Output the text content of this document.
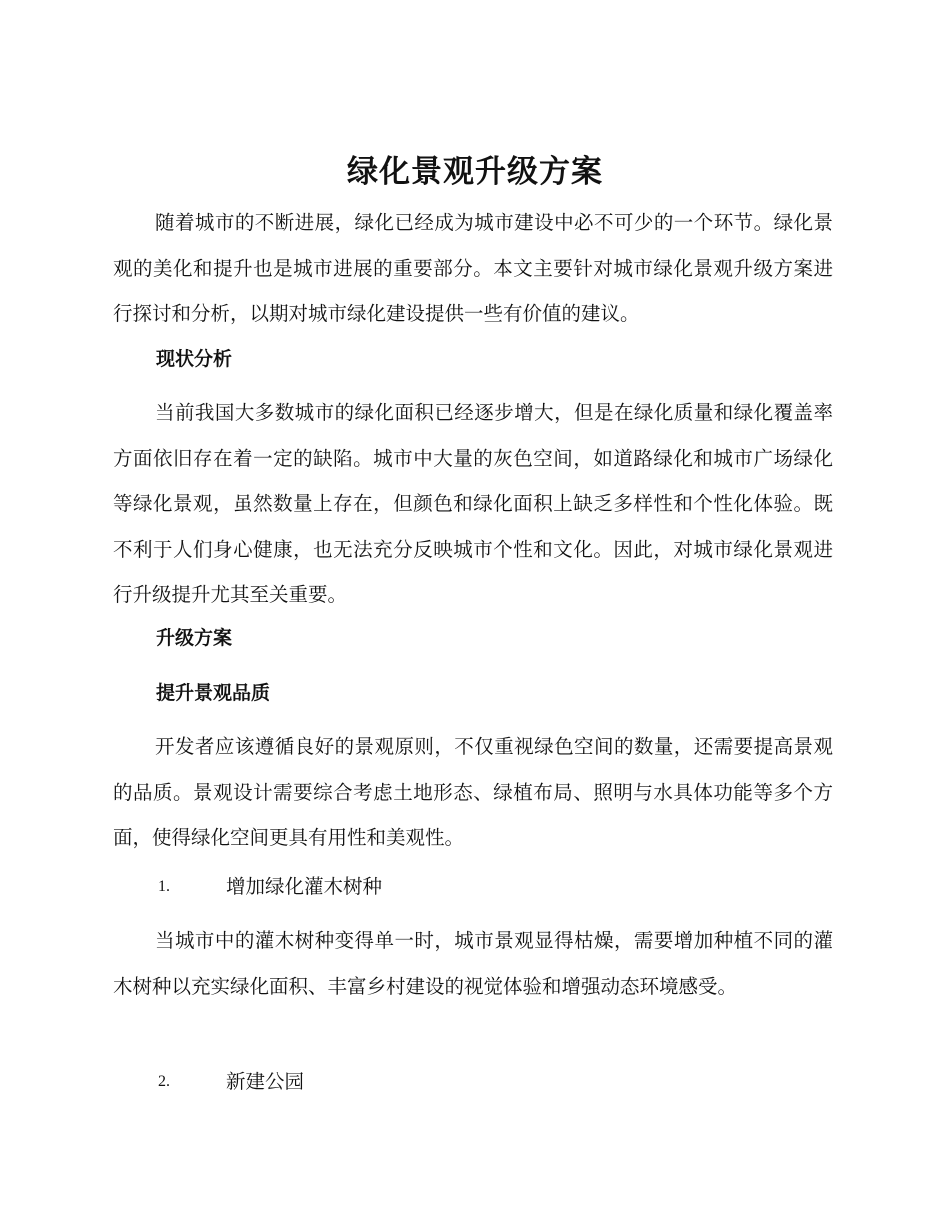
绿化景观升级方案

随着城市的不断进展，绿化已经成为城市建设中必不可少的一个环节。绿化景观的美化和提升也是城市进展的重要部分。本文主要针对城市绿化景观升级方案进行探讨和分析，以期对城市绿化建设提供一些有价值的建议。

现状分析

当前我国大多数城市的绿化面积已经逐步增大，但是在绿化质量和绿化覆盖率方面依旧存在着一定的缺陷。城市中大量的灰色空间，如道路绿化和城市广场绿化等绿化景观，虽然数量上存在，但颜色和绿化面积上缺乏多样性和个性化体验。既不利于人们身心健康，也无法充分反映城市个性和文化。因此，对城市绿化景观进行升级提升尤其至关重要。

升级方案
提升景观品质

开发者应该遵循良好的景观原则，不仅重视绿色空间的数量，还需要提高景观的品质。景观设计需要综合考虑土地形态、绿植布局、照明与水具体功能等多个方面，使得绿化空间更具有用性和美观性。

1.	增加绿化灌木树种

当城市中的灌木树种变得单一时，城市景观显得枯燥，需要增加种植不同的灌木树种以充实绿化面积、丰富乡村建设的视觉体验和增强动态环境感受。

2.	新建公园
